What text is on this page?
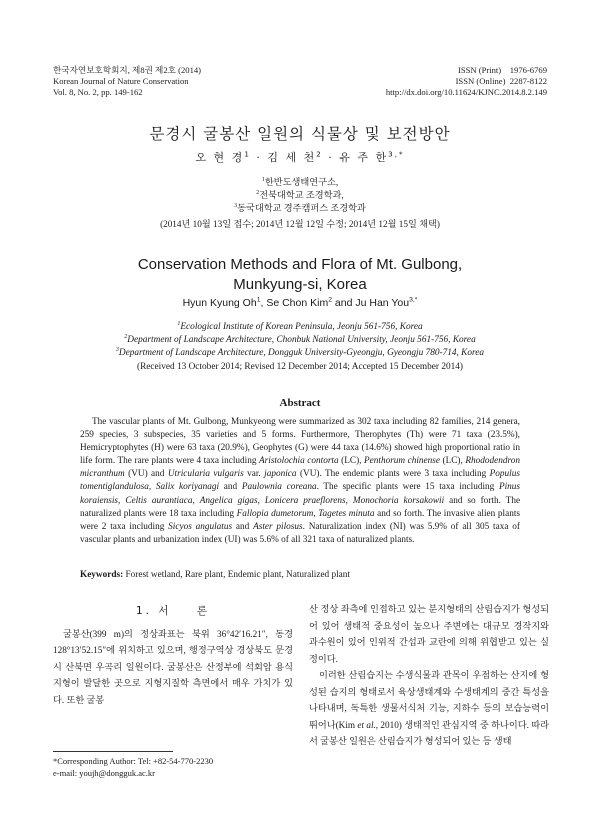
한국자연보호학회지, 제8권 제2호 (2014)
Korean Journal of Nature Conservation
Vol. 8, No. 2, pp. 149-162
ISSN (Print)    1976-6769
ISSN (Online)  2287-8122
http://dx.doi.org/10.11624/KJNC.2014.8.2.149
문경시 굴봉산 일원의 식물상 및 보전방안
오 현 경$^1$ · 김 세 천$^2$ · 유 주 한$^{3,*}$
$^1$한반도생태연구소,
$^2$전북대학교 조경학과,
$^3$동국대학교 경주캠퍼스 조경학과
(2014년 10월 13일 접수; 2014년 12월 12일 수정; 2014년 12월 15일 채택)
Conservation Methods and Flora of Mt. Gulbong,
Munkyung-si, Korea
Hyun Kyung Oh$^1$, Se Chon Kim$^2$ and Ju Han You$^{3,*}$
$^1$Ecological Institute of Korean Peninsula, Jeonju 561-756, Korea
$^2$Department of Landscape Architecture, Chonbuk National University, Jeonju 561-756, Korea
$^3$Department of Landscape Architecture, Dongguk University-Gyeongju, Gyeongju 780-714, Korea
(Received 13 October 2014; Revised 12 December 2014; Accepted 15 December 2014)
Abstract
The vascular plants of Mt. Gulbong, Munkyeong were summarized as 302 taxa including 82 families, 214 genera, 259 species, 3 subspecies, 35 varieties and 5 forms. Furthermore, Therophytes (Th) were 71 taxa (23.5%), Hemicryptophytes (H) were 63 taxa (20.9%), Geophytes (G) were 44 taxa (14.6%) showed high proportional ratio in life form. The rare plants were 4 taxa including Aristolochia contorta (LC), Penthorum chinense (LC), Rhododendron micranthum (VU) and Utricularia vulgaris var. japonica (VU). The endemic plants were 3 taxa including Populus tomentiglandulosa, Salix koriyanagi and Paulownia coreana. The specific plants were 15 taxa including Pinus koraiensis, Celtis aurantiaca, Angelica gigas, Lonicera praeflorens, Monochoria korsakowii and so forth. The naturalized plants were 18 taxa including Fallopia dumetorum, Tagetes minuta and so forth. The invasive alien plants were 2 taxa including Sicyos angulatus and Aster pilosus. Naturalization index (NI) was 5.9% of all 305 taxa of vascular plants and urbanization index (UI) was 5.6% of all 321 taxa of naturalized plants.
Keywords: Forest wetland, Rare plant, Endemic plant, Naturalized plant
1. 서    론

굴봉산(399 m)의 정상좌표는 북위 36°42′16.21″, 동경 128°13′52.15″에 위치하고 있으며, 행정구역상 경상북도 문경시 산북면 우곡리 일원이다. 굴봉산은 산정부에 석회암 용식지형이 발달한 곳으로 지형지질학 측면에서 매우 가치가 있다. 또한 굴봉

산 정상 좌측에 인접하고 있는 분지형태의 산림습지가 형성되어 있어 생태적 중요성이 높으나 주변에는 대규모 경작지와 과수원이 있어 인위적 간섭과 교란에 의해 위협받고 있는 실정이다.

이러한 산림습지는 수생식물과 관목이 우점하는 산지에 형성된 습지의 형태로서 육상생태계와 수생태계의 중간 특성을 나타내며, 독특한 생물서식처 기능, 지하수 등의 보습능력이 뛰어나(Kim et al., 2010) 생태적인 관심지역 중 하나이다. 따라서 굴봉산 일원은 산림습지가 형성되어 있는 등 생태

*Corresponding Author: Tel: +82-54-770-2230
e-mail: youjh@dongguk.ac.kr
